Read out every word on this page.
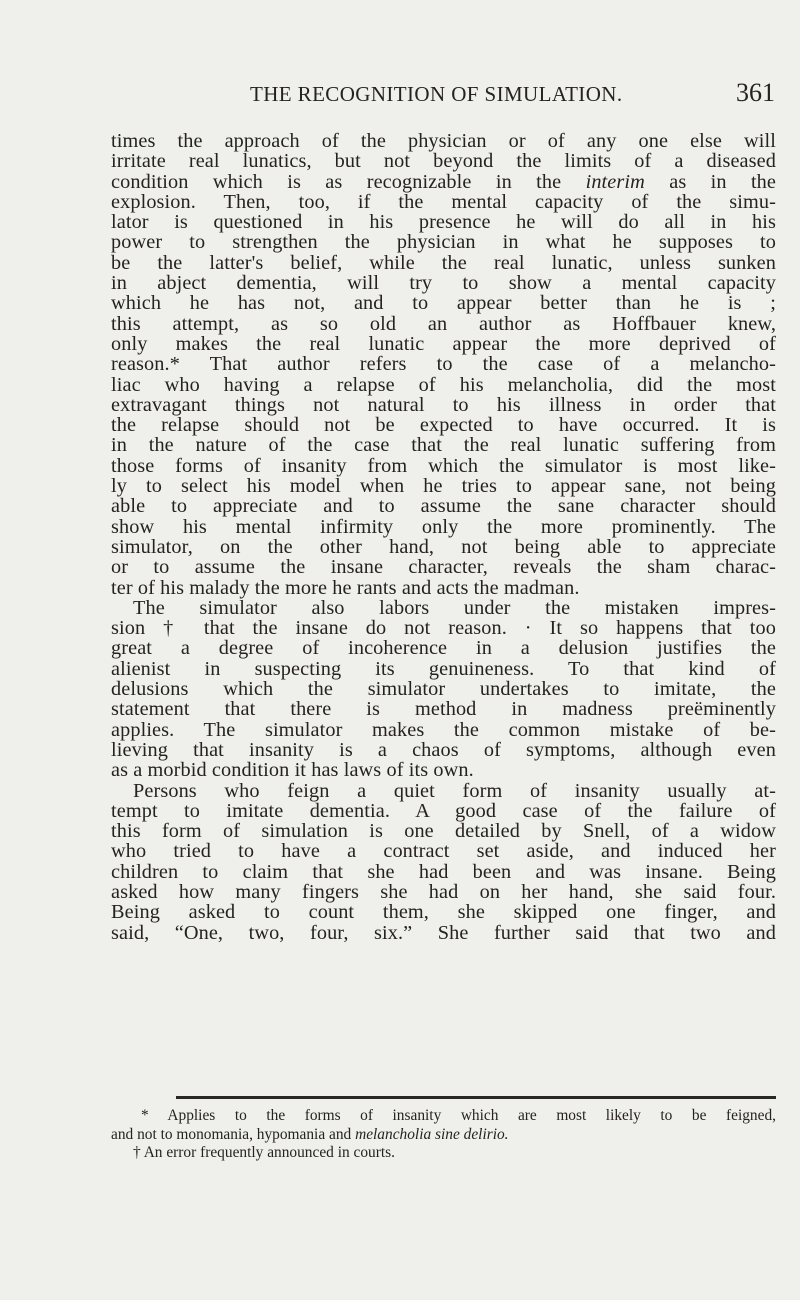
THE RECOGNITION OF SIMULATION.	361
times the approach of the physician or of any one else will
irritate real lunatics, but not beyond the limits of a diseased
condition which is as recognizable in the interim as in the
explosion. Then, too, if the mental capacity of the simu-
lator is questioned in his presence he will do all in his
power to strengthen the physician in what he supposes to
be the latter's belief, while the real lunatic, unless sunken
in abject dementia, will try to show a mental capacity
which he has not, and to appear better than he is ;
this attempt, as so old an author as Hoffbauer knew,
only makes the real lunatic appear the more deprived of
reason.* That author refers to the case of a melancho-
liac who having a relapse of his melancholia, did the most
extravagant things not natural to his illness in order that
the relapse should not be expected to have occurred. It is
in the nature of the case that the real lunatic suffering from
those forms of insanity from which the simulator is most like-
ly to select his model when he tries to appear sane, not being
able to appreciate and to assume the sane character should
show his mental infirmity only the more prominently. The
simulator, on the other hand, not being able to appreciate
or to assume the insane character, reveals the sham charac-
ter of his malady the more he rants and acts the madman.
The simulator also labors under the mistaken impres-
sion † that the insane do not reason. · It so happens that too
great a degree of incoherence in a delusion justifies the
alienist in suspecting its genuineness. To that kind of
delusions which the simulator undertakes to imitate, the
statement that there is method in madness preëminently
applies. The simulator makes the common mistake of be-
lieving that insanity is a chaos of symptoms, although even
as a morbid condition it has laws of its own.
Persons who feign a quiet form of insanity usually at-
tempt to imitate dementia. A good case of the failure of
this form of simulation is one detailed by Snell, of a widow
who tried to have a contract set aside, and induced her
children to claim that she had been and was insane. Being
asked how many fingers she had on her hand, she said four.
Being asked to count them, she skipped one finger, and
said, “One, two, four, six.” She further said that two and
* Applies to the forms of insanity which are most likely to be feigned,
and not to monomania, hypomania and melancholia sine delirio.
† An error frequently announced in courts.
